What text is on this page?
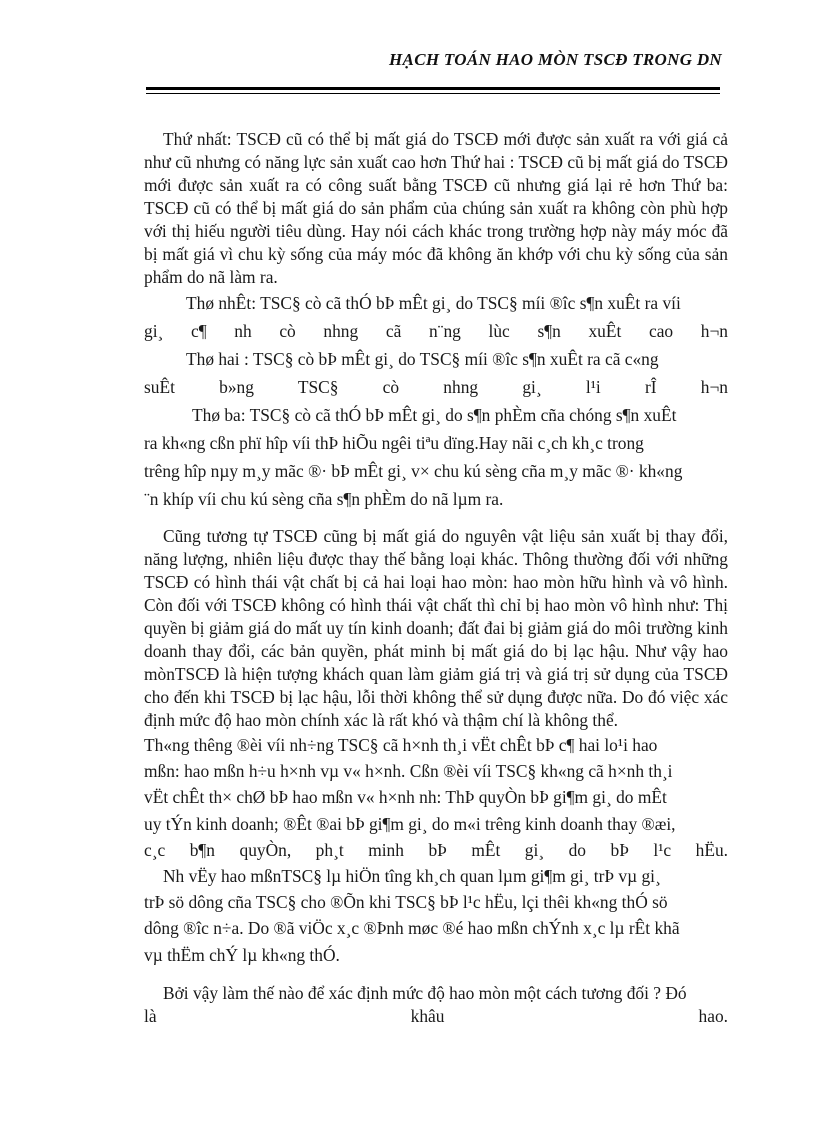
HẠCH TOÁN HAO MÒN TSCĐ TRONG DN

Thứ nhất: TSCĐ cũ có thể bị mất giá do TSCĐ mới được sản xuất ra với giá cả như cũ nhưng có năng lực sản xuất cao hơn Thứ hai : TSCĐ cũ bị mất giá do TSCĐ mới được sản xuất ra có công suất bằng TSCĐ cũ nhưng giá lại rẻ hơn Thứ ba: TSCĐ cũ có thể bị mất giá do sản phẩm của chúng sản xuất ra không còn phù hợp với thị hiếu người tiêu dùng. Hay nói cách khác trong trường hợp này máy móc đã bị mất giá vì chu kỳ sống của máy móc đã không ăn khớp với chu kỳ sống của sản phẩm do nã làm ra.

Thø nhÊt: TSC§ cò cã thÓ bÞ mÊt gi¸ do TSC§ míi ®îc s¶n xuÊt ra víi
gi¸ c¶ nh cò nhng cã n¨ng lùc s¶n xuÊt cao h¬n
Thø hai : TSC§ cò bÞ mÊt gi¸ do TSC§ míi ®îc s¶n xuÊt ra cã c«ng
suÊt b»ng TSC§ cò nhng gi¸ l¹i rÎ h¬n
Thø ba: TSC§ cò cã thÓ bÞ mÊt gi¸ do s¶n phÈm cña chóng s¶n xuÊt
ra kh«ng cßn phï hîp víi thÞ hiÕu ngêi tiªu dïng.Hay nãi c¸ch kh¸c trong
trêng hîp nµy m¸y mãc ®· bÞ mÊt gi¸ v× chu kú sèng cña m¸y mãc ®· kh«ng
¨n khíp víi chu kú sèng cña s¶n phÈm do nã lµm ra.

Cũng tương tự TSCĐ cũng bị mất giá do nguyên vật liệu sản xuất bị thay đổi, năng lượng, nhiên liệu được thay thế bằng loại khác. Thông thường đối với những TSCĐ có hình thái vật chất bị cả hai loại hao mòn: hao mòn hữu hình và vô hình. Còn đối với TSCĐ không có hình thái vật chất thì chỉ bị hao mòn vô hình như: Thị quyền bị giảm giá do mất uy tín kinh doanh; đất đai bị giảm giá do môi trường kinh doanh thay đổi, các bản quyền, phát minh bị mất giá do bị lạc hậu. Như vậy hao mònTSCĐ là hiện tượng khách quan làm giảm giá trị và giá trị sử dụng của TSCĐ cho đến khi TSCĐ bị lạc hậu, lỗi thời không thể sử dụng được nữa. Do đó việc xác định mức độ hao mòn chính xác là rất khó và thậm chí là không thể.

Th«ng thêng ®èi víi nh÷ng TSC§ cã h×nh th¸i vËt chÊt bÞ c¶ hai lo¹i hao
mßn: hao mßn h÷u h×nh vµ v« h×nh. Cßn ®èi víi TSC§ kh«ng cã h×nh th¸i
vËt chÊt th× chØ bÞ hao mßn v« h×nh nh: ThÞ quyÒn bÞ gi¶m gi¸ do mÊt
uy tÝn kinh doanh; ®Êt ®ai bÞ gi¶m gi¸ do m«i trêng kinh doanh thay ®æi,
c¸c b¶n quyÒn, ph¸t minh bÞ mÊt gi¸ do bÞ l¹c hËu.
Nh vËy hao mßnTSC§ lµ hiÖn tîng kh¸ch quan lµm gi¶m gi¸ trÞ vµ gi¸
trÞ sö dông cña TSC§ cho ®Õn khi TSC§ bÞ l¹c hËu, lçi thêi kh«ng thÓ sö
dông ®îc n÷a. Do ®ã viÖc x¸c ®Þnh møc ®é hao mßn chÝnh x¸c lµ rÊt khã
vµ thËm chÝ lµ kh«ng thÓ.

Bởi vậy làm thế nào để xác định mức độ hao mòn một cách tương đối ? Đó
là khâu hao.
